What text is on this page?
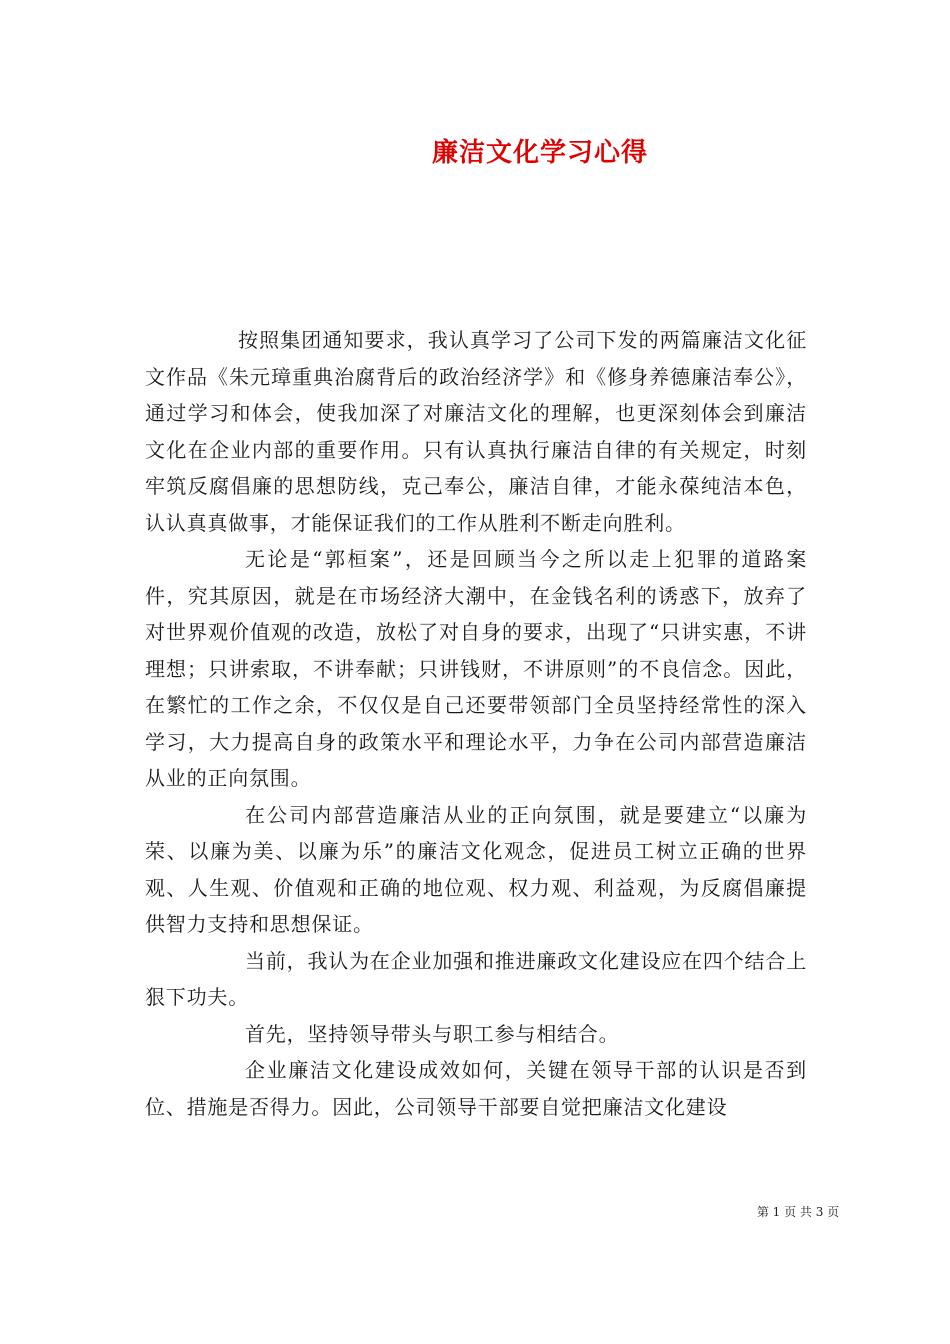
廉洁文化学习心得

按照集团通知要求，我认真学习了公司下发的两篇廉洁文化征文作品《朱元璋重典治腐背后的政治经济学》和《修身养德廉洁奉公》，通过学习和体会，使我加深了对廉洁文化的理解，也更深刻体会到廉洁文化在企业内部的重要作用。只有认真执行廉洁自律的有关规定，时刻牢筑反腐倡廉的思想防线，克己奉公，廉洁自律，才能永葆纯洁本色，认认真真做事，才能保证我们的工作从胜利不断走向胜利。

无论是“郭桓案”，还是回顾当今之所以走上犯罪的道路案件，究其原因，就是在市场经济大潮中，在金钱名利的诱惑下，放弃了对世界观价值观的改造，放松了对自身的要求，出现了“只讲实惠，不讲理想；只讲索取，不讲奉献；只讲钱财，不讲原则”的不良信念。因此，在繁忙的工作之余，不仅仅是自己还要带领部门全员坚持经常性的深入学习，大力提高自身的政策水平和理论水平，力争在公司内部营造廉洁从业的正向氛围。

在公司内部营造廉洁从业的正向氛围，就是要建立“以廉为荣、以廉为美、以廉为乐”的廉洁文化观念，促进员工树立正确的世界观、人生观、价值观和正确的地位观、权力观、利益观，为反腐倡廉提供智力支持和思想保证。

当前，我认为在企业加强和推进廉政文化建设应在四个结合上狠下功夫。

首先，坚持领导带头与职工参与相结合。

企业廉洁文化建设成效如何，关键在领导干部的认识是否到位、措施是否得力。因此，公司领导干部要自觉把廉洁文化建设

第 1 页 共 3 页
